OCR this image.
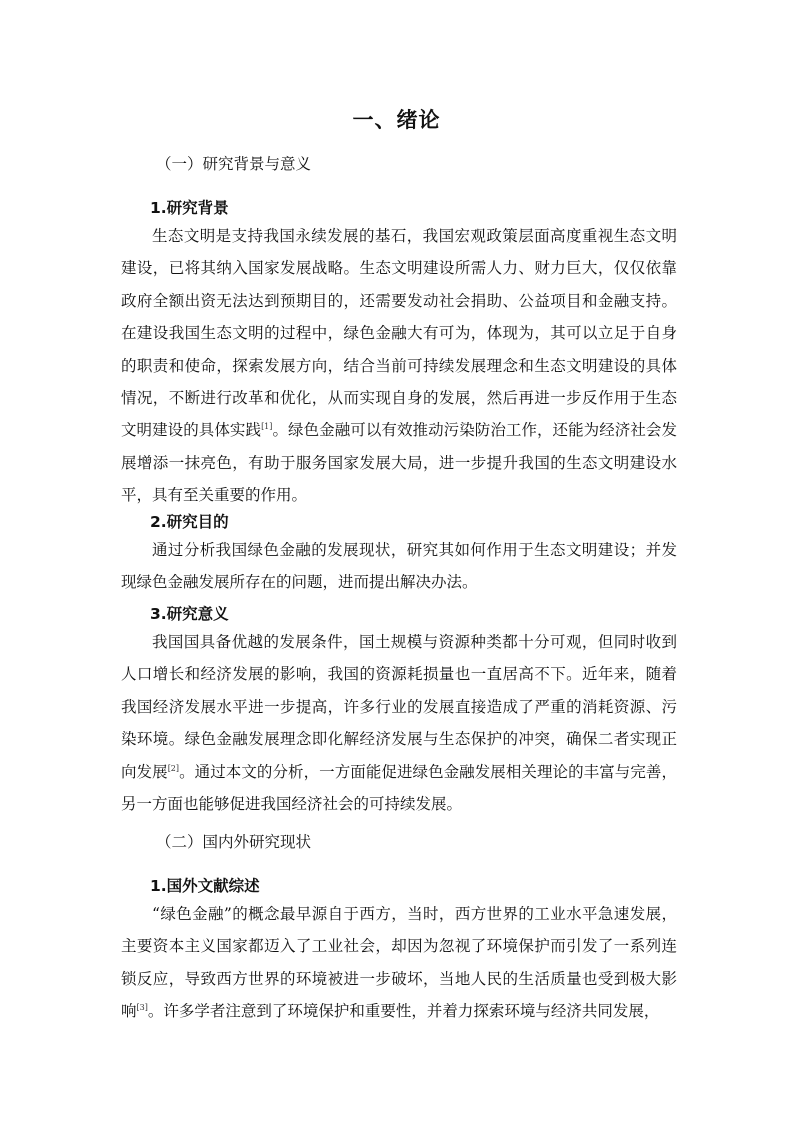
一、绪论
（一）研究背景与意义
1.研究背景

生态文明是支持我国永续发展的基石，我国宏观政策层面高度重视生态文明建设，已将其纳入国家发展战略。生态文明建设所需人力、财力巨大，仅仅依靠政府全额出资无法达到预期目的，还需要发动社会捐助、公益项目和金融支持。在建设我国生态文明的过程中，绿色金融大有可为，体现为，其可以立足于自身的职责和使命，探索发展方向，结合当前可持续发展理念和生态文明建设的具体情况，不断进行改革和优化，从而实现自身的发展，然后再进一步反作用于生态文明建设的具体实践[1]。绿色金融可以有效推动污染防治工作，还能为经济社会发展增添一抹亮色，有助于服务国家发展大局，进一步提升我国的生态文明建设水平，具有至关重要的作用。

2.研究目的

通过分析我国绿色金融的发展现状，研究其如何作用于生态文明建设；并发现绿色金融发展所存在的问题，进而提出解决办法。

3.研究意义

我国国具备优越的发展条件，国土规模与资源种类都十分可观，但同时收到人口增长和经济发展的影响，我国的资源耗损量也一直居高不下。近年来，随着我国经济发展水平进一步提高，许多行业的发展直接造成了严重的消耗资源、污染环境。绿色金融发展理念即化解经济发展与生态保护的冲突，确保二者实现正向发展[2]。通过本文的分析，一方面能促进绿色金融发展相关理论的丰富与完善，另一方面也能够促进我国经济社会的可持续发展。

（二）国内外研究现状
1.国外文献综述

“绿色金融”的概念最早源自于西方，当时，西方世界的工业水平急速发展，主要资本主义国家都迈入了工业社会，却因为忽视了环境保护而引发了一系列连锁反应，导致西方世界的环境被进一步破坏，当地人民的生活质量也受到极大影响[3]。许多学者注意到了环境保护和重要性，并着力探索环境与经济共同发展，
